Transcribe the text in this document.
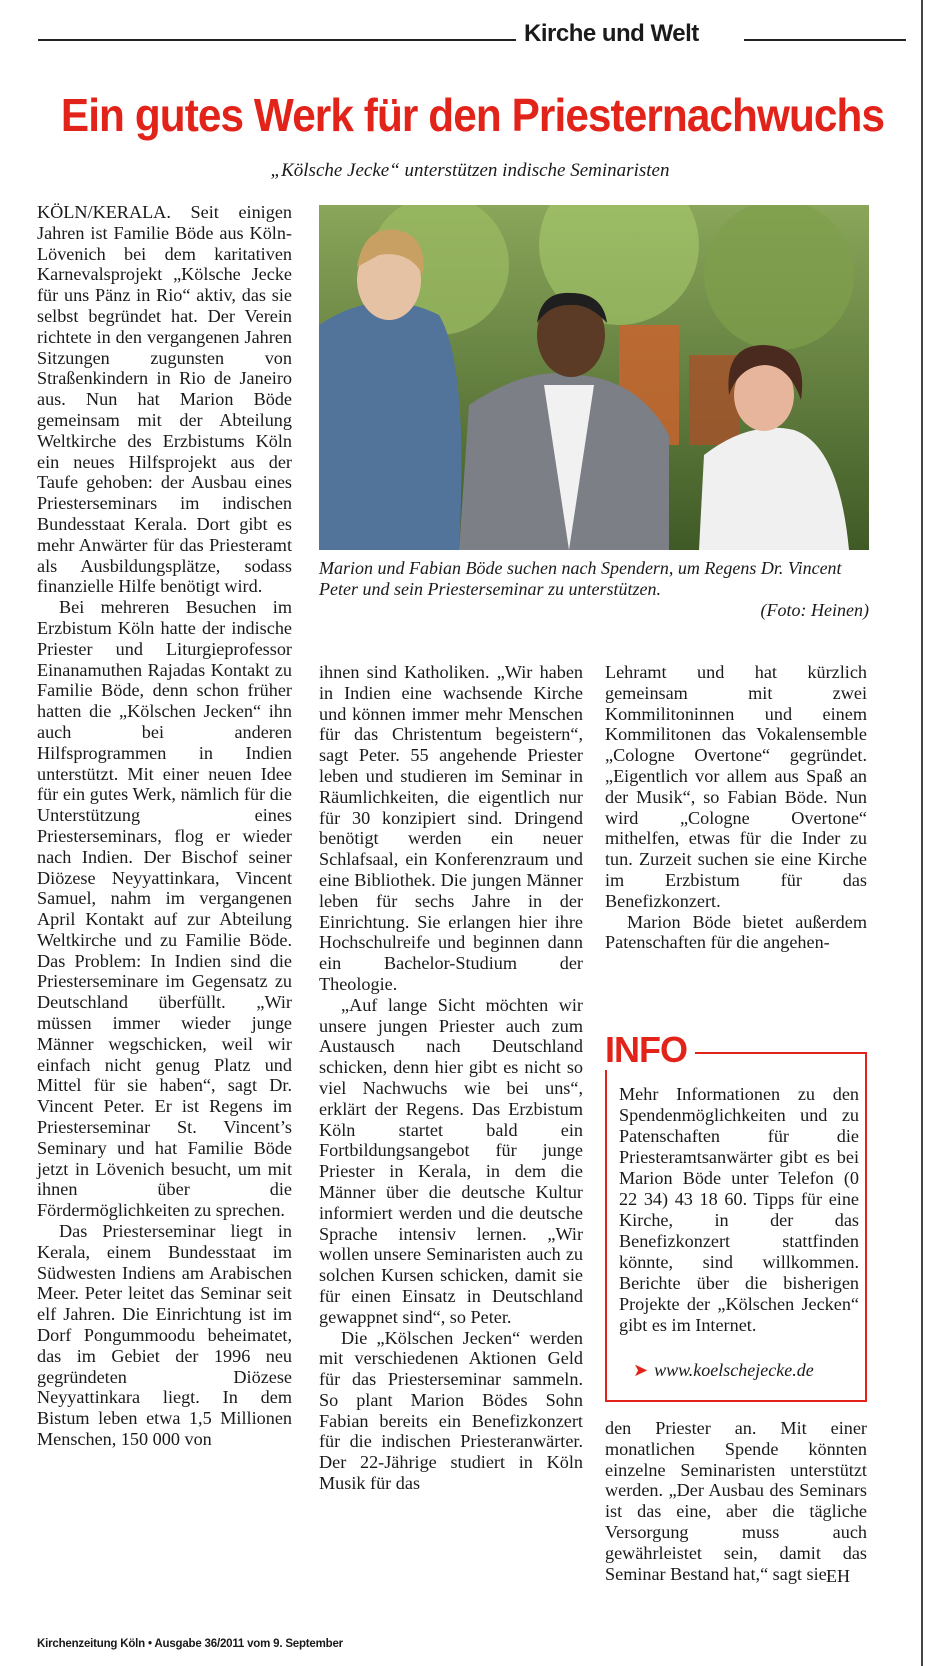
Kirche und Welt
Ein gutes Werk für den Priesternachwuchs
„Kölsche Jecke“ unterstützen indische Seminaristen

KÖLN/KERALA. Seit einigen Jahren ist Familie Böde aus Köln-Lövenich bei dem karitativen Karnevalsprojekt „Kölsche Jecke für uns Pänz in Rio“ aktiv, das sie selbst begründet hat. Der Verein richtete in den vergangenen Jahren Sitzungen zugunsten von Straßenkindern in Rio de Janeiro aus. Nun hat Marion Böde gemeinsam mit der Abteilung Weltkirche des Erzbistums Köln ein neues Hilfsprojekt aus der Taufe gehoben: der Ausbau eines Priesterseminars im indischen Bundesstaat Kerala. Dort gibt es mehr Anwärter für das Priesteramt als Ausbildungsplätze, sodass finanzielle Hilfe benötigt wird.

Bei mehreren Besuchen im Erzbistum Köln hatte der indische Priester und Liturgieprofessor Einanamuthen Rajadas Kontakt zu Familie Böde, denn schon früher hatten die „Kölschen Jecken“ ihn auch bei anderen Hilfsprogrammen in Indien unterstützt. Mit einer neuen Idee für ein gutes Werk, nämlich für die Unterstützung eines Priesterseminars, flog er wieder nach Indien. Der Bischof seiner Diözese Neyyattinkara, Vincent Samuel, nahm im vergangenen April Kontakt auf zur Abteilung Weltkirche und zu Familie Böde. Das Problem: In Indien sind die Priesterseminare im Gegensatz zu Deutschland überfüllt. „Wir müssen immer wieder junge Männer wegschicken, weil wir einfach nicht genug Platz und Mittel für sie haben“, sagt Dr. Vincent Peter. Er ist Regens im Priesterseminar St. Vincent’s Seminary und hat Familie Böde jetzt in Lövenich besucht, um mit ihnen über die Fördermöglichkeiten zu sprechen.

Das Priesterseminar liegt in Kerala, einem Bundesstaat im Südwesten Indiens am Arabischen Meer. Peter leitet das Seminar seit elf Jahren. Die Einrichtung ist im Dorf Pongummoodu beheimatet, das im Gebiet der 1996 neu gegründeten Diözese Neyyattinkara liegt. In dem Bistum leben etwa 1,5 Millionen Menschen, 150 000 von

Marion und Fabian Böde suchen nach Spendern, um Regens Dr. Vincent Peter und sein Priesterseminar zu unterstützen.
(Foto: Heinen)

ihnen sind Katholiken. „Wir haben in Indien eine wachsende Kirche und können immer mehr Menschen für das Christentum begeistern“, sagt Peter. 55 angehende Priester leben und studieren im Seminar in Räumlichkeiten, die eigentlich nur für 30 konzipiert sind. Dringend benötigt werden ein neuer Schlafsaal, ein Konferenzraum und eine Bibliothek. Die jungen Männer leben für sechs Jahre in der Einrichtung. Sie erlangen hier ihre Hochschulreife und beginnen dann ein Bachelor-Studium der Theologie.

„Auf lange Sicht möchten wir unsere jungen Priester auch zum Austausch nach Deutschland schicken, denn hier gibt es nicht so viel Nachwuchs wie bei uns“, erklärt der Regens. Das Erzbistum Köln startet bald ein Fortbildungsangebot für junge Priester in Kerala, in dem die Männer über die deutsche Kultur informiert werden und die deutsche Sprache intensiv lernen. „Wir wollen unsere Seminaristen auch zu solchen Kursen schicken, damit sie für einen Einsatz in Deutschland gewappnet sind“, so Peter.

Die „Kölschen Jecken“ werden mit verschiedenen Aktionen Geld für das Priesterseminar sammeln. So plant Marion Bödes Sohn Fabian bereits ein Benefizkonzert für die indischen Priesteranwärter. Der 22-Jährige studiert in Köln Musik für das

Lehramt und hat kürzlich gemeinsam mit zwei Kommilitoninnen und einem Kommilitonen das Vokalensemble „Cologne Overtone“ gegründet. „Eigentlich vor allem aus Spaß an der Musik“, so Fabian Böde. Nun wird „Cologne Overtone“ mithelfen, etwas für die Inder zu tun. Zurzeit suchen sie eine Kirche im Erzbistum für das Benefizkonzert.

Marion Böde bietet außerdem Patenschaften für die angehen-

INFO
Mehr Informationen zu den Spendenmöglichkeiten und zu Patenschaften für die Priesteramtsanwärter gibt es bei Marion Böde unter Telefon (0 22 34) 43 18 60. Tipps für eine Kirche, in der das Benefizkonzert stattfinden könnte, sind willkommen. Berichte über die bisherigen Projekte der „Kölschen Jecken“ gibt es im Internet.
➤ www.koelschejecke.de

den Priester an. Mit einer monatlichen Spende könnten einzelne Seminaristen unterstützt werden. „Der Ausbau des Seminars ist das eine, aber die tägliche Versorgung muss auch gewährleistet sein, damit das Seminar Bestand hat,“ sagt sie.

EH
Kirchenzeitung Köln • Ausgabe 36/2011 vom 9. September
